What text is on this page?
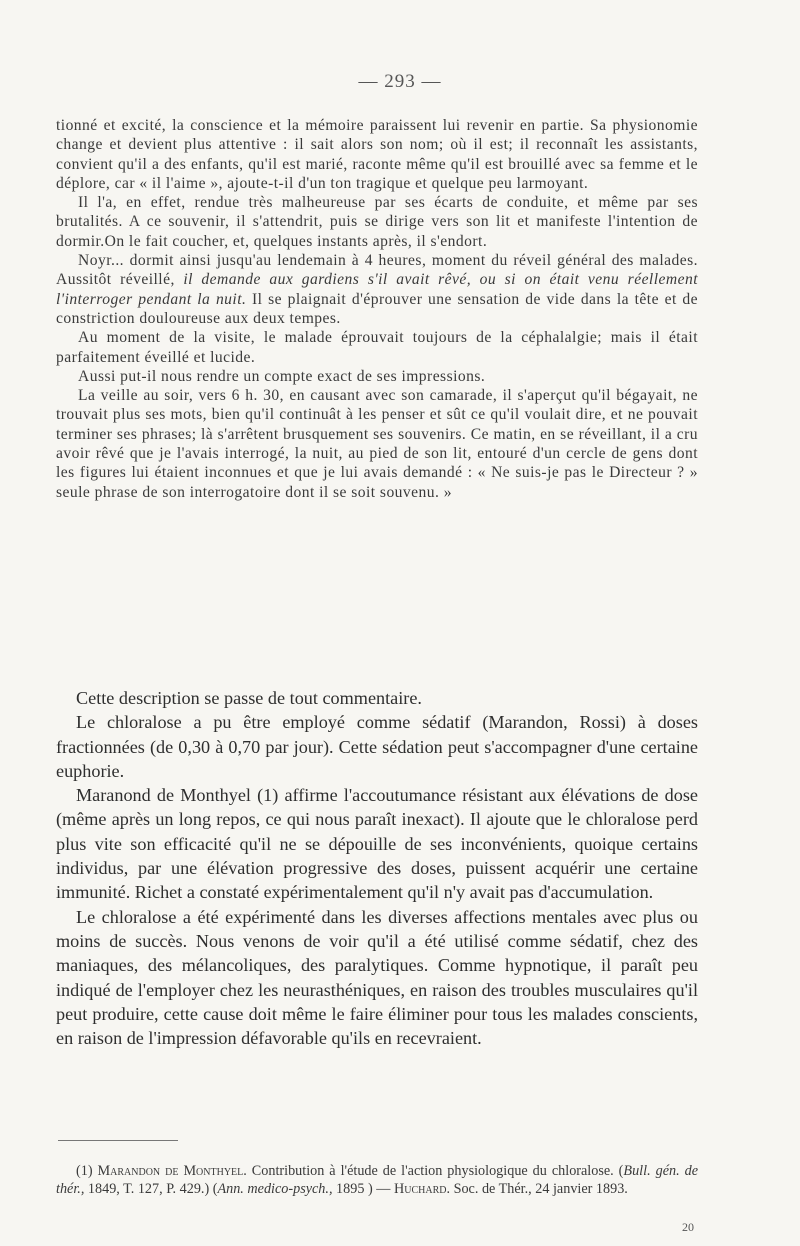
— 293 —

tionné et excité, la conscience et la mémoire paraissent lui revenir en partie. Sa physionomie change et devient plus attentive : il sait alors son nom; où il est; il reconnaît les assistants, convient qu'il a des enfants, qu'il est marié, raconte même qu'il est brouillé avec sa femme et le déplore, car « il l'aime », ajoute-t-il d'un ton tragique et quelque peu larmoyant.

Il l'a, en effet, rendue très malheureuse par ses écarts de conduite, et même par ses brutalités. A ce souvenir, il s'attendrit, puis se dirige vers son lit et manifeste l'intention de dormir.On le fait coucher, et, quelques instants après, il s'endort.

Noyr... dormit ainsi jusqu'au lendemain à 4 heures, moment du réveil général des malades. Aussitôt réveillé, il demande aux gardiens s'il avait rêvé, ou si on était venu réellement l'interroger pendant la nuit. Il se plaignait d'éprouver une sensation de vide dans la tête et de constriction douloureuse aux deux tempes.

Au moment de la visite, le malade éprouvait toujours de la céphalalgie; mais il était parfaitement éveillé et lucide.

Aussi put-il nous rendre un compte exact de ses impressions.

La veille au soir, vers 6 h. 30, en causant avec son camarade, il s'aperçut qu'il bégayait, ne trouvait plus ses mots, bien qu'il continuât à les penser et sût ce qu'il voulait dire, et ne pouvait terminer ses phrases; là s'arrêtent brusquement ses souvenirs. Ce matin, en se réveillant, il a cru avoir rêvé que je l'avais interrogé, la nuit, au pied de son lit, entouré d'un cercle de gens dont les figures lui étaient inconnues et que je lui avais demandé : « Ne suis-je pas le Directeur ? » seule phrase de son interrogatoire dont il se soit souvenu. »

Cette description se passe de tout commentaire.

Le chloralose a pu être employé comme sédatif (Marandon, Rossi) à doses fractionnées (de 0,30 à 0,70 par jour). Cette sédation peut s'accompagner d'une certaine euphorie.

Maranond de Monthyel (1) affirme l'accoutumance résistant aux élévations de dose (même après un long repos, ce qui nous paraît inexact). Il ajoute que le chloralose perd plus vite son efficacité qu'il ne se dépouille de ses inconvénients, quoique certains individus, par une élévation progressive des doses, puissent acquérir une certaine immunité. Richet a constaté expérimentalement qu'il n'y avait pas d'accumulation.

Le chloralose a été expérimenté dans les diverses affections mentales avec plus ou moins de succès. Nous venons de voir qu'il a été utilisé comme sédatif, chez des maniaques, des mélancoliques, des paralytiques. Comme hypnotique, il paraît peu indiqué de l'employer chez les neurasthéniques, en raison des troubles musculaires qu'il peut produire, cette cause doit même le faire éliminer pour tous les malades conscients, en raison de l'impression défavorable qu'ils en recevraient.

(1) Marandon de Monthyel. Contribution à l'étude de l'action physiologique du chloralose. (Bull. gén. de thér., 1849, T. 127, P. 429.) (Ann. medico-psych., 1895 ) — Huchard. Soc. de Thér., 24 janvier 1893.

20
